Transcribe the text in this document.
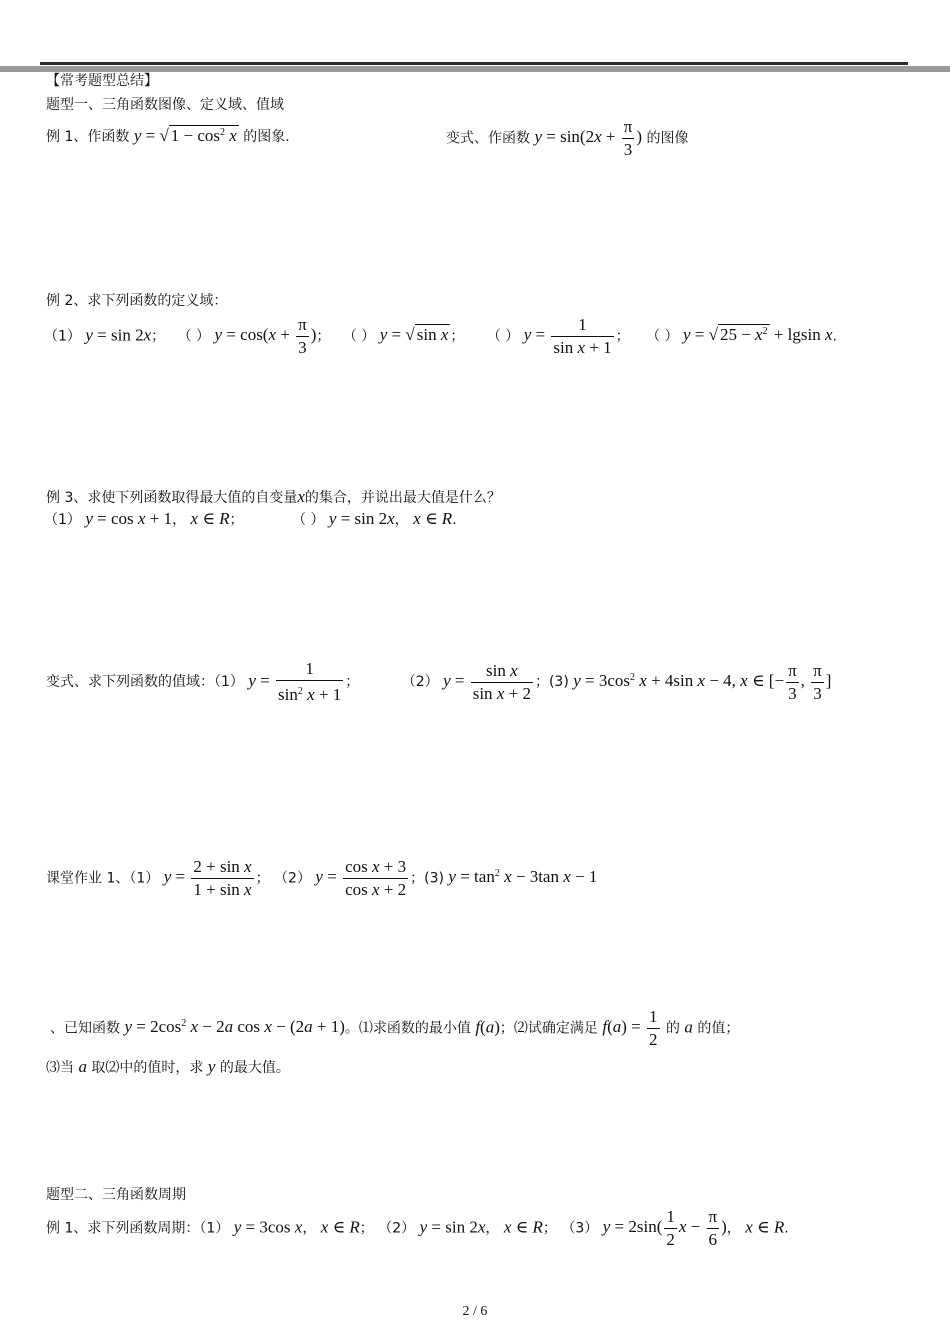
【常考题型总结】
题型一、三角函数图像、定义域、值域
例 1、作函数 y = √ $1 - \cos^2 x$ 的图象.	变式、作函数 $y = \sin(2x + \frac{\pi}{3}$ ) 的图像
例 2、求下列函数的定义域：
（1） y = sin 2x； （ ） $y = \cos(x + \frac{\pi}{3}$ )； （ ） y = √ sin x ； （ ） $y = \frac{1}{\text{sin x + 1}}$ ； （ ） y = √ $25 - x^2 + lgsin$ x.
例 3、求使下列函数取得最大值的自变量x的集合，并说出最大值是什么？
（1） y = cos x + 1， x ∈ R；	（ ） y = sin 2x， x ∈ R.
变式、求下列函数的值域：（1） $y = \frac{1}{\sin^2 x + 1}$ ；	（2） $y = \frac{\text{sin x}}{\text{sin x + 2}}$ ；(3) $y = 3\cos^2$ x + 4sin x − 4, x ∈ [− $\frac{\pi}{3}$ , $\frac{\pi}{3}$ ]
课堂作业 1、（1） $y = \frac{\text{2 + sin x}}{\text{1 + sin x}}$ ； （2） $y = \frac{\text{cos x + 3}}{\text{cos x + 2}}$ ；(3) $y = \tan^2 x - 3\tan$ x − 1
、已知函数 $y = 2\cos^2$ x − 2a cos x − (2a + 1)。⑴求函数的最小值 f(a)；⑵试确定满足 $f(a) = \frac{1}{2}$ 的 a 的值；
⑶当 a 取⑵中的值时，求 y 的最大值。
题型二、三角函数周期
例 1、求下列函数周期：（1） y = 3cos x， x ∈ R； （2） y = sin 2x， x ∈ R； （3） $y = 2\sin( \frac{1}{2}$ $x - \frac{\pi}{6}$ )， x ∈ R.
2 / 6
